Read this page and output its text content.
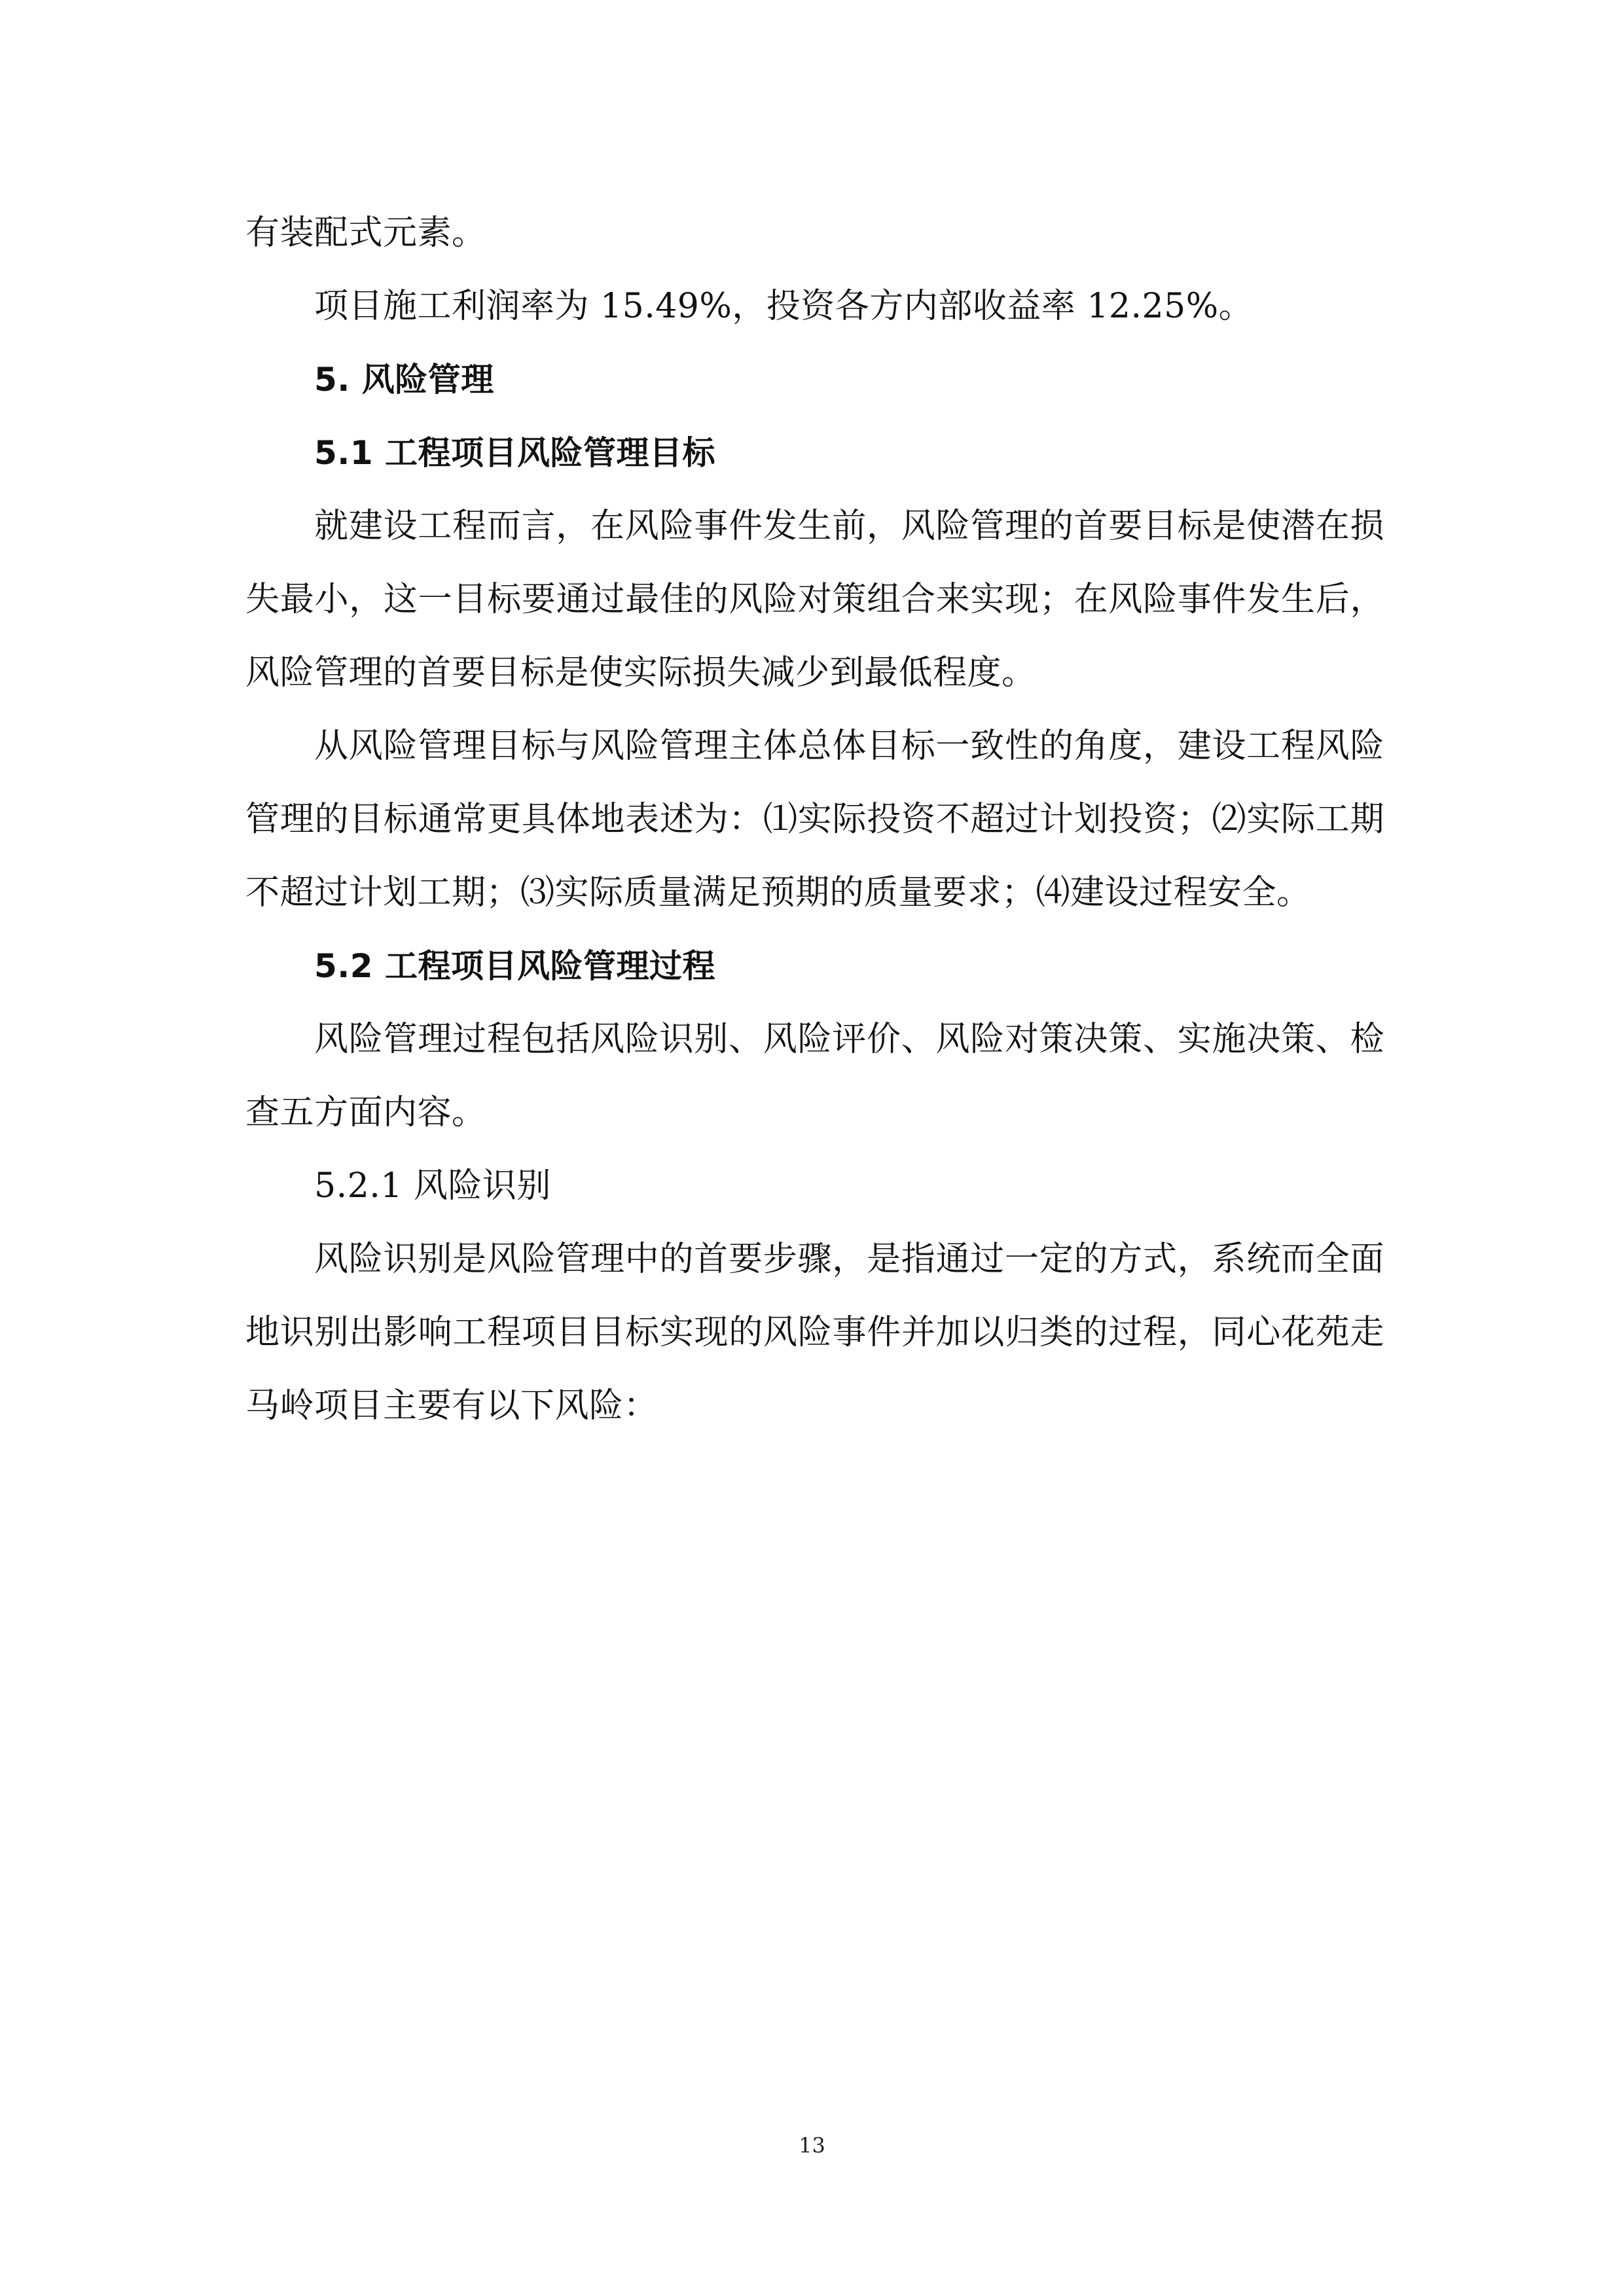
有装配式元素。

项目施工利润率为 15.49%，投资各方内部收益率 12.25%。

5. 风险管理

5.1 工程项目风险管理目标

就建设工程而言，在风险事件发生前，风险管理的首要目标是使潜在损失最小，这一目标要通过最佳的风险对策组合来实现；在风险事件发生后，风险管理的首要目标是使实际损失减少到最低程度。

从风险管理目标与风险管理主体总体目标一致性的角度，建设工程风险管理的目标通常更具体地表述为：⑴实际投资不超过计划投资；⑵实际工期不超过计划工期；⑶实际质量满足预期的质量要求；⑷建设过程安全。

5.2 工程项目风险管理过程

风险管理过程包括风险识别、风险评价、风险对策决策、实施决策、检查五方面内容。

5.2.1 风险识别

风险识别是风险管理中的首要步骤，是指通过一定的方式，系统而全面地识别出影响工程项目目标实现的风险事件并加以归类的过程，同心花苑走马岭项目主要有以下风险：

13
